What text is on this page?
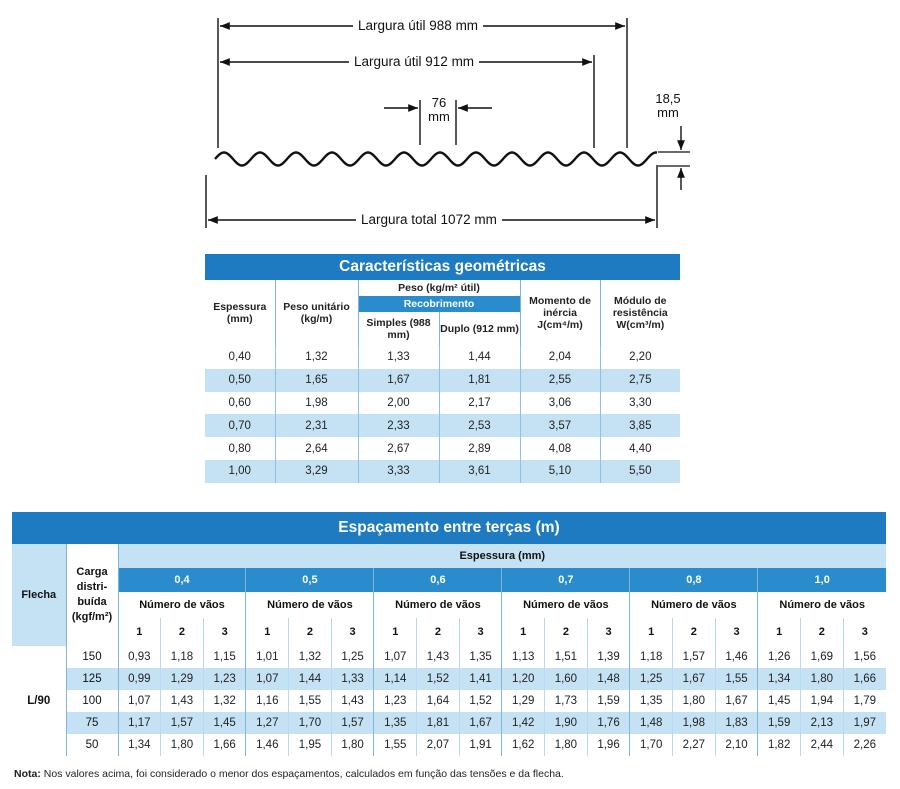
Largura útil 988 mm
Largura útil 912 mm
76
mm
18,5
mm
Largura total 1072 mm
Características geométricas					
Espessura (mm)	Peso unitário (kg/m)	Peso (kg/m² útil)		Momento de inércia J(cm⁴/m)	Módulo de resistência W(cm³/m)
		Recobrimento			
		Simples (988 mm)	Duplo (912 mm)		
0,40	1,32	1,33	1,44	2,04	2,20
0,50	1,65	1,67	1,81	2,55	2,75
0,60	1,98	2,00	2,17	3,06	3,30
0,70	2,31	2,33	2,53	3,57	3,85
0,80	2,64	2,67	2,89	4,08	4,40
1,00	3,29	3,33	3,61	5,10	5,50
Espaçamento entre terças (m)																			
Flecha	Carga distri- buída (kgf/m²)	Espessura (mm)																	
		0,4			0,5			0,6			0,7			0,8			1,0		
		Número de vãos			Número de vãos			Número de vãos			Número de vãos			Número de vãos			Número de vãos		
		1	2	3	1	2	3	1	2	3	1	2	3	1	2	3	1	2	3

L/90	150	0,93	1,18	1,15	1,01	1,32	1,25	1,07	1,43	1,35	1,13	1,51	1,39	1,18	1,57	1,46	1,26	1,69	1,56
	125	0,99	1,29	1,23	1,07	1,44	1,33	1,14	1,52	1,41	1,20	1,60	1,48	1,25	1,67	1,55	1,34	1,80	1,66
	100	1,07	1,43	1,32	1,16	1,55	1,43	1,23	1,64	1,52	1,29	1,73	1,59	1,35	1,80	1,67	1,45	1,94	1,79
	75	1,17	1,57	1,45	1,27	1,70	1,57	1,35	1,81	1,67	1,42	1,90	1,76	1,48	1,98	1,83	1,59	2,13	1,97
	50	1,34	1,80	1,66	1,46	1,95	1,80	1,55	2,07	1,91	1,62	1,80	1,96	1,70	2,27	2,10	1,82	2,44	2,26
Nota: Nos valores acima, foi considerado o menor dos espaçamentos, calculados em função das tensões e da flecha.
